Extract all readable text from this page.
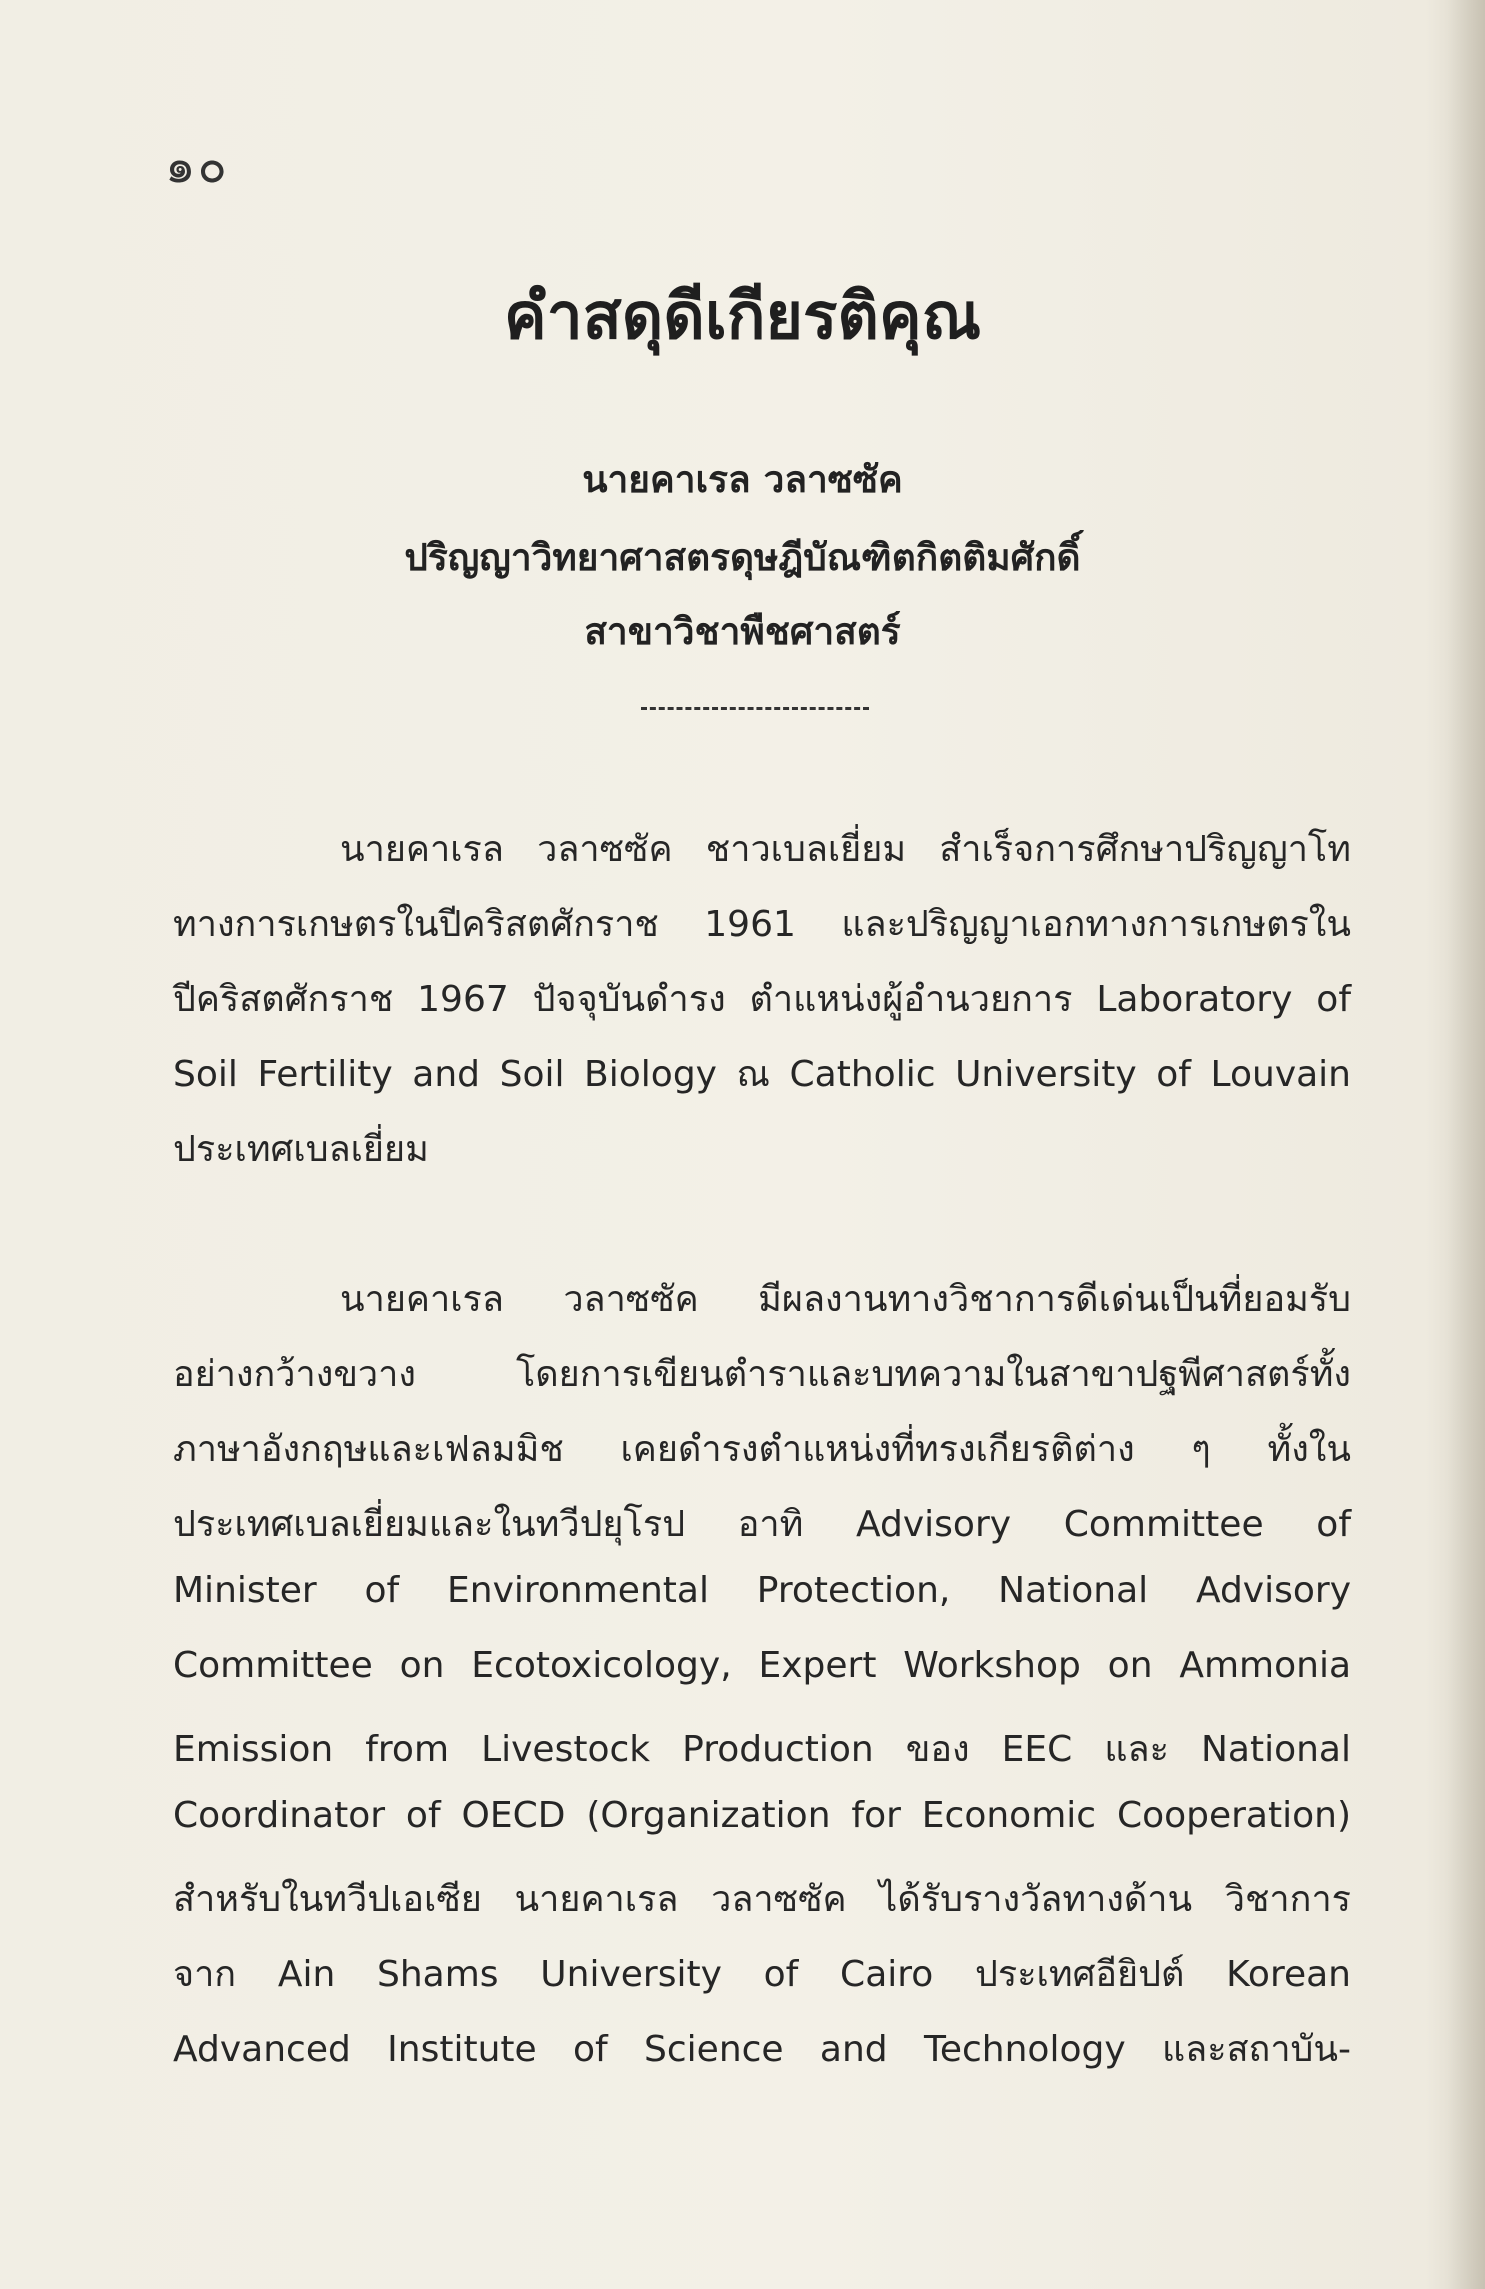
๑๐
คำสดุดีเกียรติคุณ
นายคาเรล วลาซซัค
ปริญญาวิทยาศาสตรดุษฎีบัณฑิตกิตติมศักดิ์
สาขาวิชาพืชศาสตร์
นายคาเรล วลาซซัค ชาวเบลเยี่ยม สำเร็จการศึกษาปริญญาโท
ทางการเกษตรในปีคริสตศักราช 1961 และปริญญาเอกทางการเกษตรใน
ปีคริสตศักราช 1967 ปัจจุบันดำรง ตำแหน่งผู้อำนวยการ Laboratory of
Soil Fertility and Soil Biology ณ Catholic University of Louvain
ประเทศเบลเยี่ยม
นายคาเรล วลาซซัค มีผลงานทางวิชาการดีเด่นเป็นที่ยอมรับ
อย่างกว้างขวาง โดยการเขียนตำราและบทความในสาขาปฐพีศาสตร์ทั้ง
ภาษาอังกฤษและเฟลมมิช เคยดำรงตำแหน่งที่ทรงเกียรติต่าง ๆ ทั้งใน
ประเทศเบลเยี่ยมและในทวีปยุโรป อาทิ Advisory Committee of
Minister of Environmental Protection, National Advisory
Committee on Ecotoxicology, Expert Workshop on Ammonia
Emission from Livestock Production ของ EEC และ National
Coordinator of OECD (Organization for Economic Cooperation)
สำหรับในทวีปเอเซีย นายคาเรล วลาซซัค ได้รับรางวัลทางด้าน วิชาการ
จาก Ain Shams University of Cairo ประเทศอียิปต์ Korean
Advanced Institute of Science and Technology และสถาบัน-
